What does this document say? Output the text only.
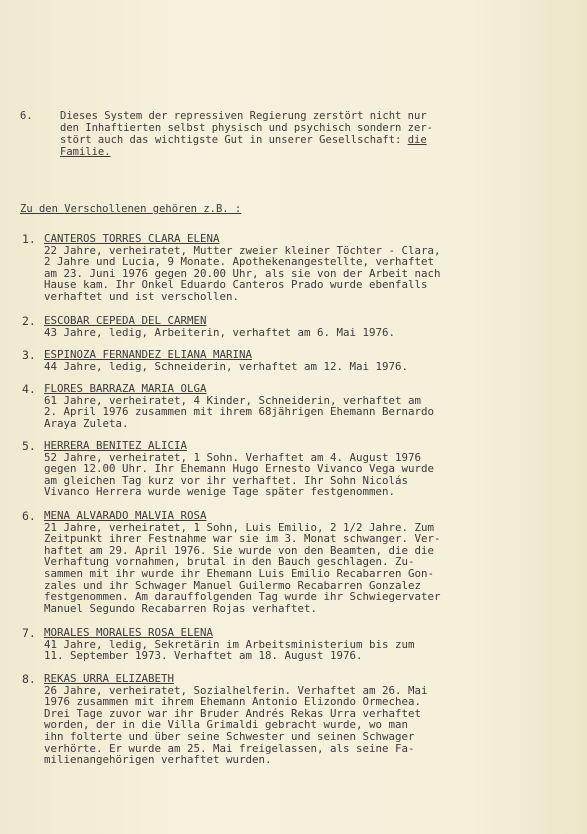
6.	Dieses System der repressiven Regierung zerstört nicht nur
den Inhaftierten selbst physisch und psychisch sondern zer-
stört auch das wichtigste Gut in unserer Gesellschaft: die
Familie.
Zu den Verschollenen gehören z.B. :
1. CANTEROS TORRES CLARA ELENA
22 Jahre, verheiratet, Mutter zweier kleiner Töchter - Clara,
2 Jahre und Lucia, 9 Monate. Apothekenangestellte, verhaftet
am 23. Juni 1976 gegen 20.00 Uhr, als sie von der Arbeit nach
Hause kam. Ihr Onkel Eduardo Canteros Prado wurde ebenfalls
verhaftet und ist verschollen.
2. ESCOBAR CEPEDA DEL CARMEN
43 Jahre, ledig, Arbeiterin, verhaftet am 6. Mai 1976.
3. ESPINOZA FERNANDEZ ELIANA MARINA
44 Jahre, ledig, Schneiderin, verhaftet am 12. Mai 1976.
4. FLORES BARRAZA MARIA OLGA
61 Jahre, verheiratet, 4 Kinder, Schneiderin, verhaftet am
2. April 1976 zusammen mit ihrem 68jährigen Ehemann Bernardo
Araya Zuleta.
5. HERRERA BENITEZ ALICIA
52 Jahre, verheiratet, 1 Sohn. Verhaftet am 4. August 1976
gegen 12.00 Uhr. Ihr Ehemann Hugo Ernesto Vivanco Vega wurde
am gleichen Tag kurz vor ihr verhaftet. Ihr Sohn Nicolás
Vivanco Herrera wurde wenige Tage später festgenommen.
6. MENA ALVARADO MALVIA ROSA
21 Jahre, verheiratet, 1 Sohn, Luis Emilio, 2 1/2 Jahre. Zum
Zeitpunkt ihrer Festnahme war sie im 3. Monat schwanger. Ver-
haftet am 29. April 1976. Sie wurde von den Beamten, die die
Verhaftung vornahmen, brutal in den Bauch geschlagen. Zu-
sammen mit ihr wurde ihr Ehemann Luis Emilio Recabarren Gon-
zales und ihr Schwager Manuel Guilermo Recabarren Gonzalez
festgenommen. Am darauffolgenden Tag wurde ihr Schwiegervater
Manuel Segundo Recabarren Rojas verhaftet.
7. MORALES MORALES ROSA ELENA
41 Jahre, ledig, Sekretärin im Arbeitsministerium bis zum
11. September 1973. Verhaftet am 18. August 1976.
8. REKAS URRA ELIZABETH
26 Jahre, verheiratet, Sozialhelferin. Verhaftet am 26. Mai
1976 zusammen mit ihrem Ehemann Antonio Elizondo Ormechea.
Drei Tage zuvor war ihr Bruder Andrés Rekas Urra verhaftet
worden, der in die Villa Grimaldi gebracht wurde, wo man
ihn folterte und über seine Schwester und seinen Schwager
verhörte. Er wurde am 25. Mai freigelassen, als seine Fa-
milienangehörigen verhaftet wurden.
